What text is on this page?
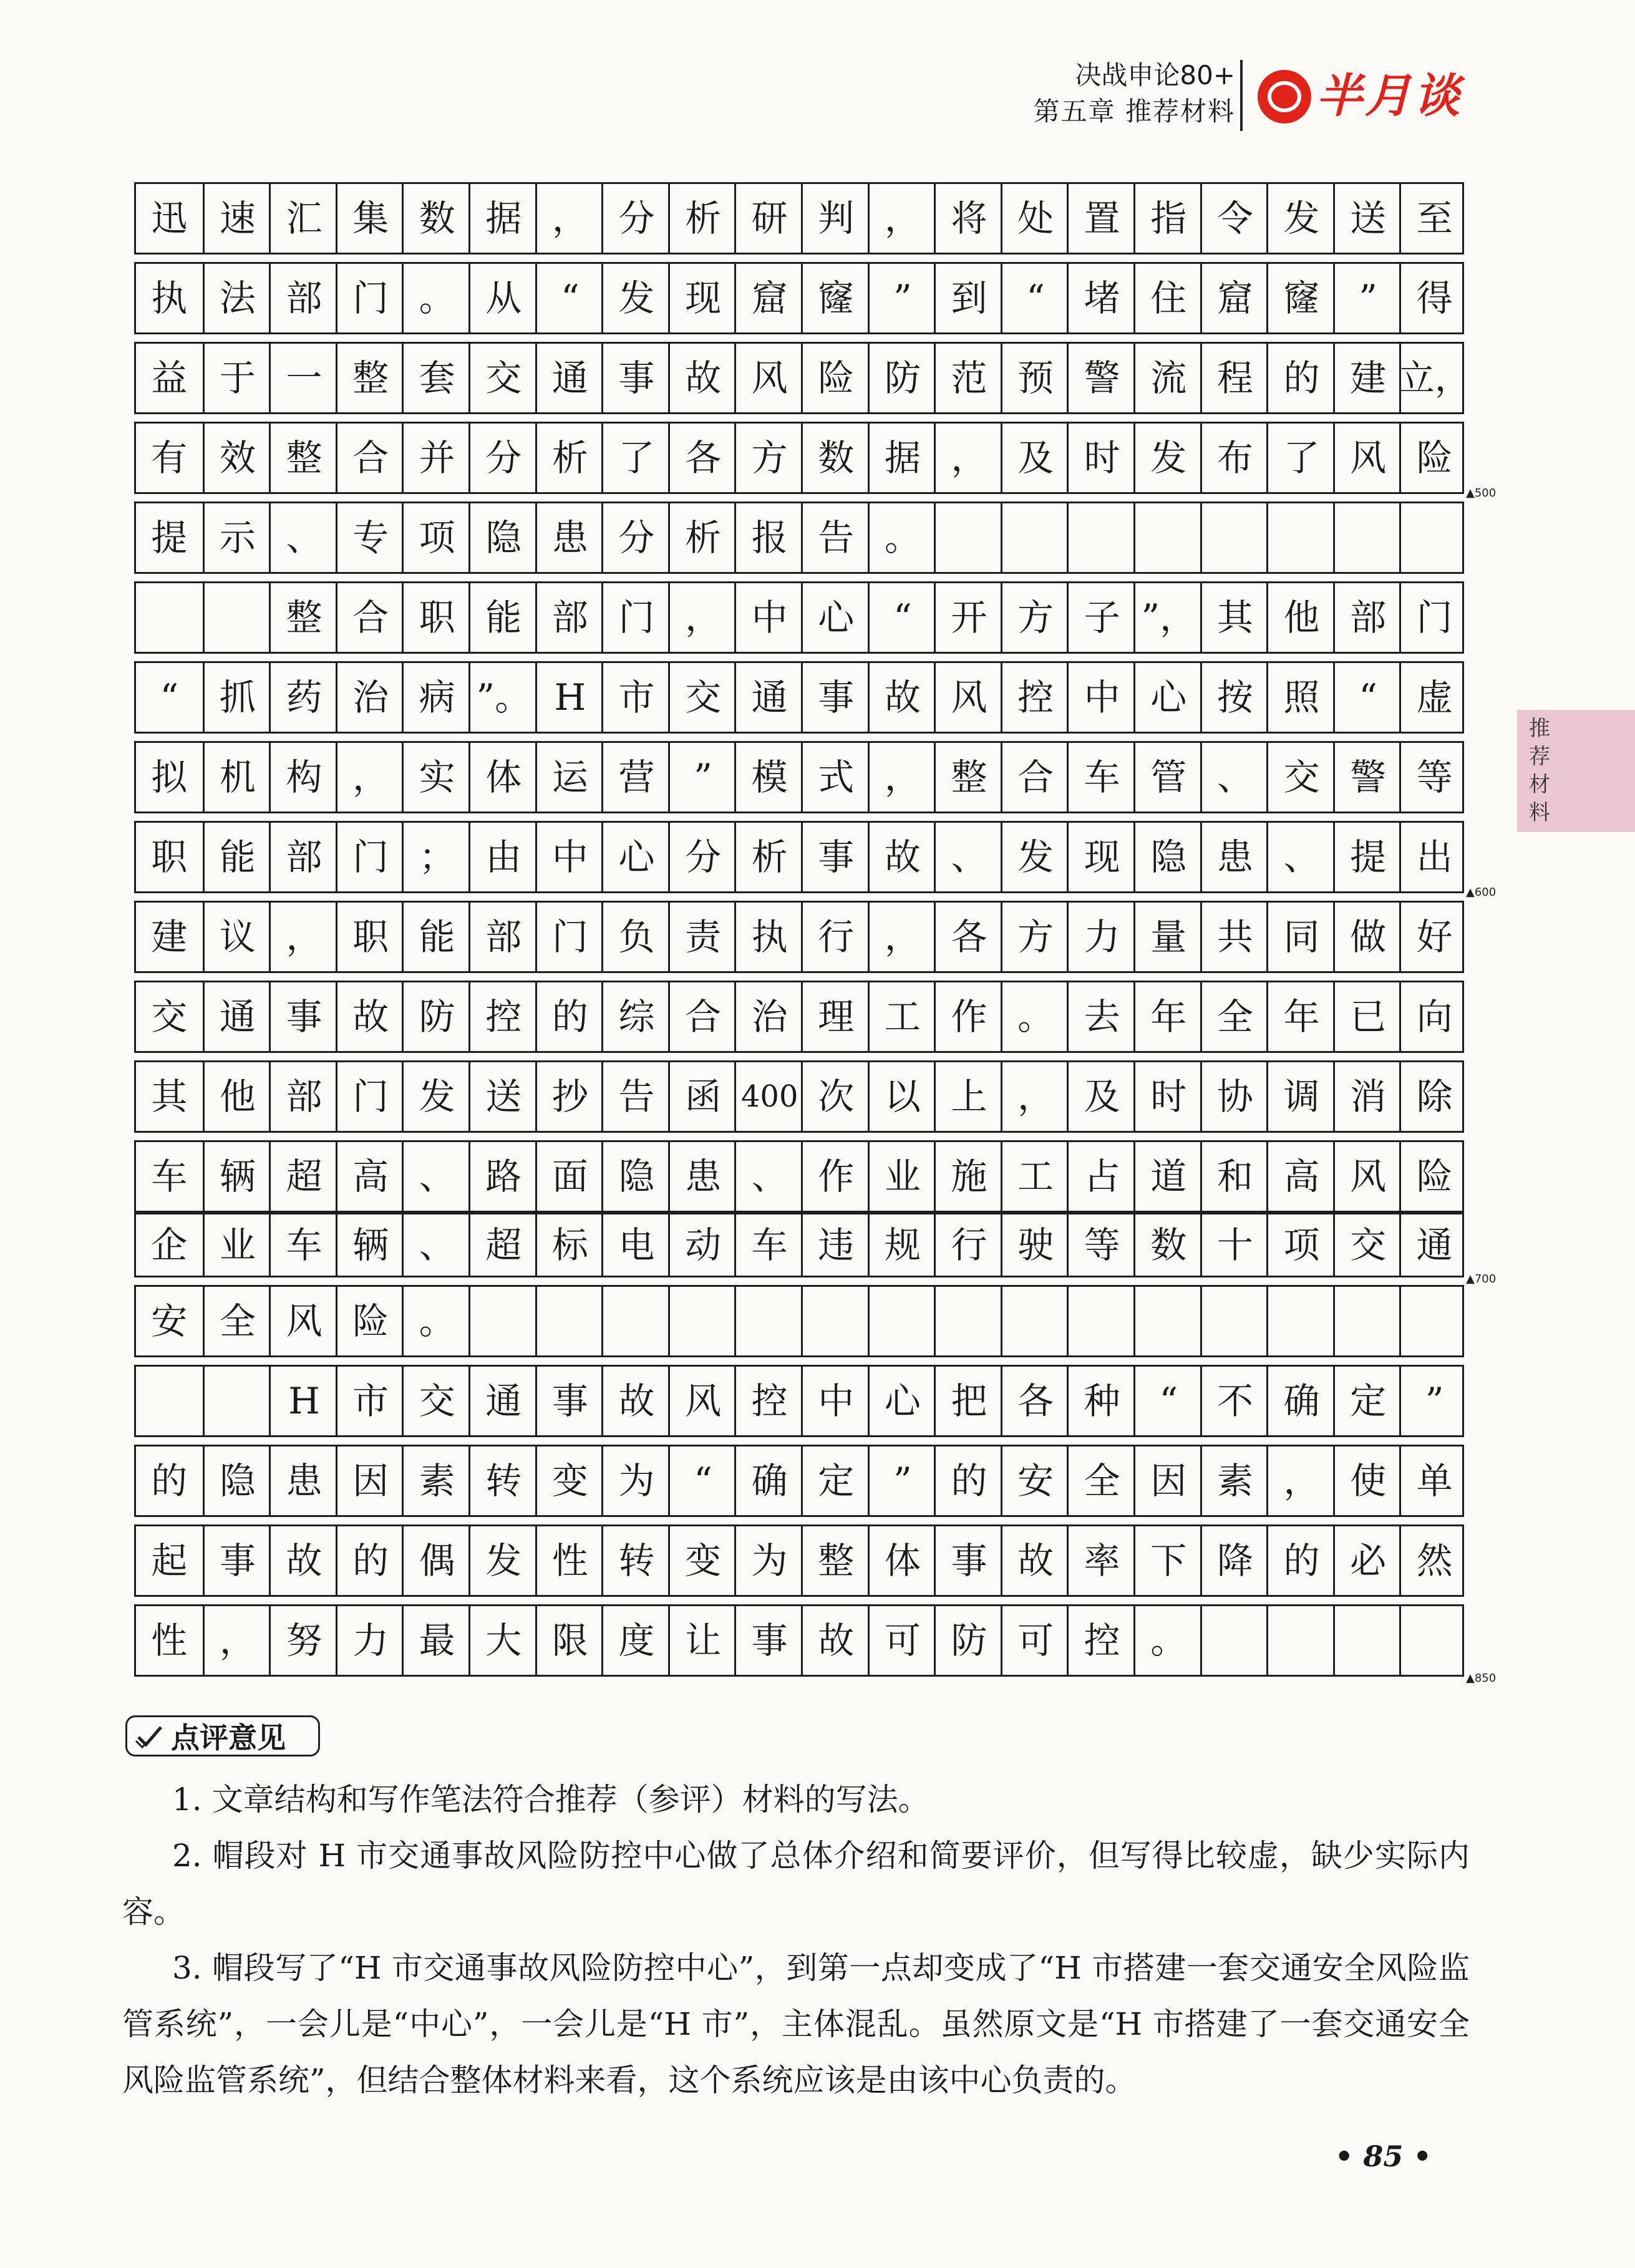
决战申论80+
第五章 推荐材料 半月谈
推荐材料
迅 速 汇 集 数 据 ， 分 析 研 判 ， 将 处 置 指 令 发 送 至
执 法 部 门 。 从	“	发 现 窟 窿	”	到	“	堵 住 窟 窿	”	得
益 于 一 整 套 交 通 事 故 风 险 防 范 预 警 流 程 的 建 立，
有 效 整 合 并 分 析 了 各 方 数 据 ， 及 时 发 布 了 风 险
提 示 、 专 项 隐 患 分 析 报 告 。
整 合 职 能 部 门 ， 中 心	“	开 方 子 ”， 其 他 部 门
“	抓 药 治 病 ”。 H 市 交 通 事 故 风 控 中 心 按 照	“	虚
拟 机 构 ， 实 体 运 营	”	模 式 ， 整 合 车 管 、 交 警 等
职 能 部 门 ； 由 中 心 分 析 事 故 、 发 现 隐 患 、 提 出
建 议 ， 职 能 部 门 负 责 执 行 ， 各 方 力 量 共 同 做 好
交 通 事 故 防 控 的 综 合 治 理 工 作 。 去 年 全 年 已 向
其 他 部 门 发 送 抄 告 函 400 次 以 上 ， 及 时 协 调 消 除
车 辆 超 高 、 路 面 隐 患 、 作 业 施 工 占 道 和 高 风 险
企 业 车 辆 、 超 标 电 动 车 违 规 行 驶 等 数 十 项 交 通
安 全 风 险 。
H 市 交 通 事 故 风 控 中 心 把 各 种	“	不 确 定	”
的 隐 患 因 素 转 变 为	“	确 定	”	的 安 全 因 素 ， 使 单
起 事 故 的 偶 发 性 转 变 为 整 体 事 故 率 下 降 的 必 然
性 ， 努 力 最 大 限 度 让 事 故 可 防 可 控 。
▲500
▲600
▲700
▲850
点评意见
1. 文章结构和写作笔法符合推荐（参评）材料的写法。
2. 帽段对 H 市交通事故风险防控中心做了总体介绍和简要评价，但写得比较虚，缺少实际内容。
3. 帽段写了“H 市交通事故风险防控中心”，到第一点却变成了“H 市搭建一套交通安全风险监管系统”，一会儿是“中心”，一会儿是“H 市”，主体混乱。虽然原文是“H 市搭建了一套交通安全风险监管系统”，但结合整体材料来看，这个系统应该是由该中心负责的。
• 85 •
